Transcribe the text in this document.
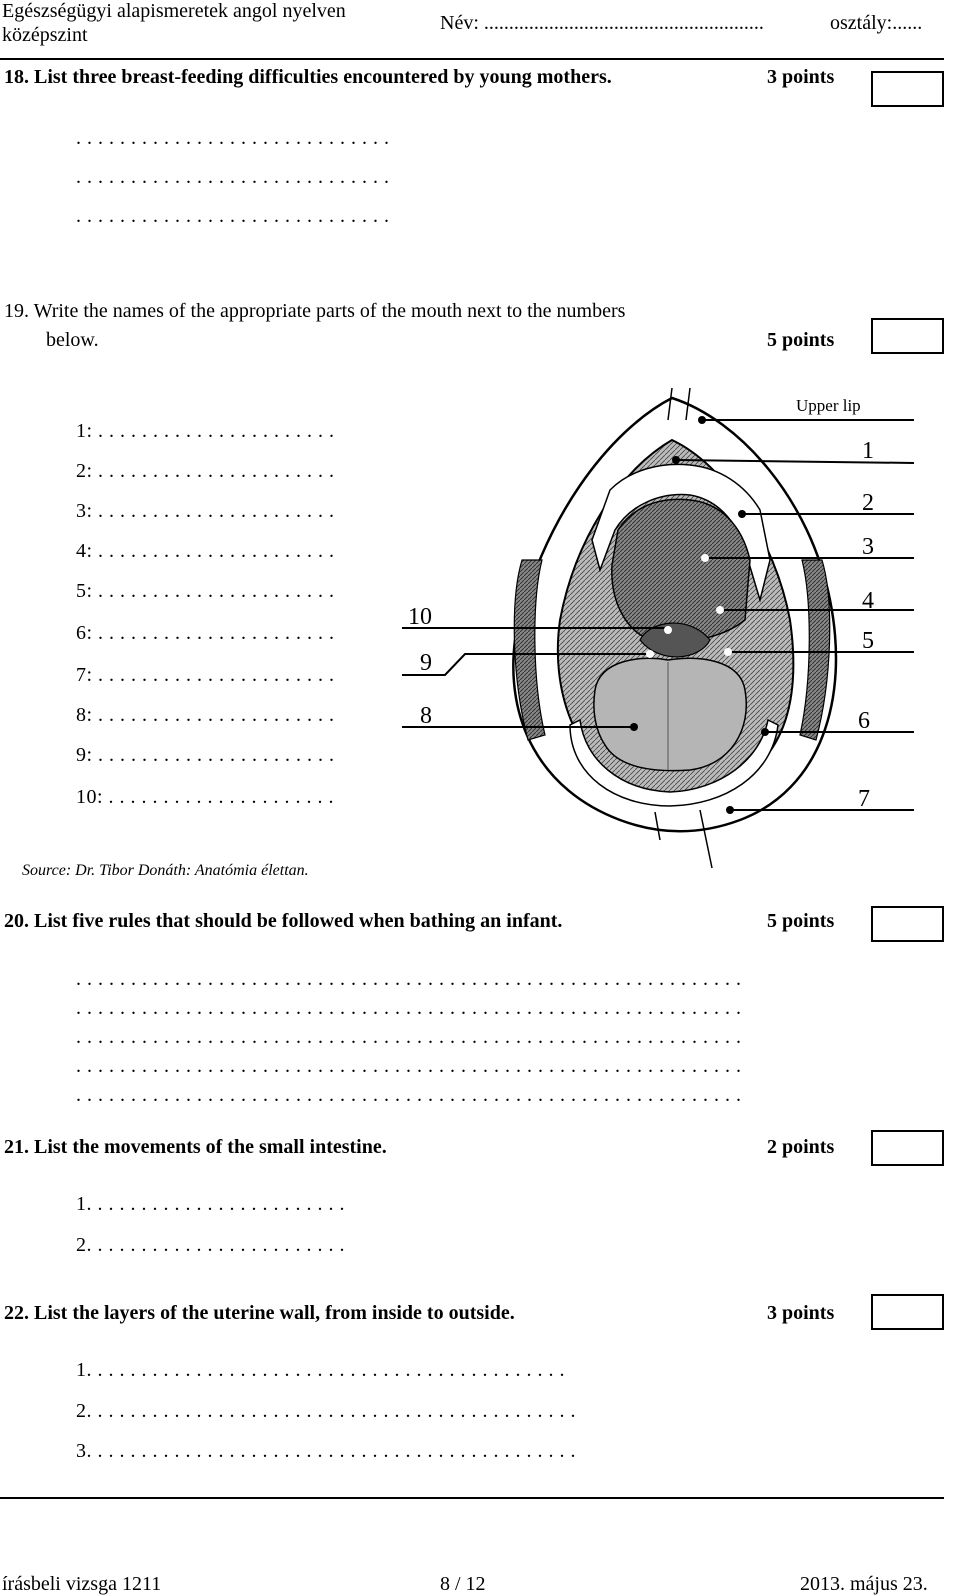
Egészségügyi alapismeretek angol nyelven
középszint
Név: ........................................................	osztály:......
18. List three breast-feeding difficulties encountered by young mothers.	3 points
. . . . . . . . . . . . . . . . . . . . . . . . . . . . .
. . . . . . . . . . . . . . . . . . . . . . . . . . . . .
. . . . . . . . . . . . . . . . . . . . . . . . . . . . .
19. Write the names of the appropriate parts of the mouth next to the numbers
below.	5 points
1: . . . . . . . . . . . . . . . . . . . . . .
2: . . . . . . . . . . . . . . . . . . . . . .
3: . . . . . . . . . . . . . . . . . . . . . .
4: . . . . . . . . . . . . . . . . . . . . . .
5: . . . . . . . . . . . . . . . . . . . . . .
6: . . . . . . . . . . . . . . . . . . . . . .
7: . . . . . . . . . . . . . . . . . . . . . .
8: . . . . . . . . . . . . . . . . . . . . . .
9: . . . . . . . . . . . . . . . . . . . . . .
10: . . . . . . . . . . . . . . . . . . . . .
Upper lip
1
2
3
4
5
6
7
8
9
10
Source: Dr. Tibor Donáth: Anatómia élettan.
20. List five rules that should be followed when bathing an infant.	5 points
. . . . . . . . . . . . . . . . . . . . . . . . . . . . . . . . . . . . . . . . . . . . . . . . . . . . . . . . . . . . .
. . . . . . . . . . . . . . . . . . . . . . . . . . . . . . . . . . . . . . . . . . . . . . . . . . . . . . . . . . . . .
. . . . . . . . . . . . . . . . . . . . . . . . . . . . . . . . . . . . . . . . . . . . . . . . . . . . . . . . . . . . .
. . . . . . . . . . . . . . . . . . . . . . . . . . . . . . . . . . . . . . . . . . . . . . . . . . . . . . . . . . . . .
. . . . . . . . . . . . . . . . . . . . . . . . . . . . . . . . . . . . . . . . . . . . . . . . . . . . . . . . . . . . .
21. List the movements of the small intestine.	2 points
1. . . . . . . . . . . . . . . . . . . . . . . .
2. . . . . . . . . . . . . . . . . . . . . . . .
22. List the layers of the uterine wall, from inside to outside.	3 points
1. . . . . . . . . . . . . . . . . . . . . . . . . . . . . . . . . . . . . . . . . . . .
2. . . . . . . . . . . . . . . . . . . . . . . . . . . . . . . . . . . . . . . . . . . . .
3. . . . . . . . . . . . . . . . . . . . . . . . . . . . . . . . . . . . . . . . . . . . .
írásbeli vizsga 1211	8 / 12	2013. május 23.
